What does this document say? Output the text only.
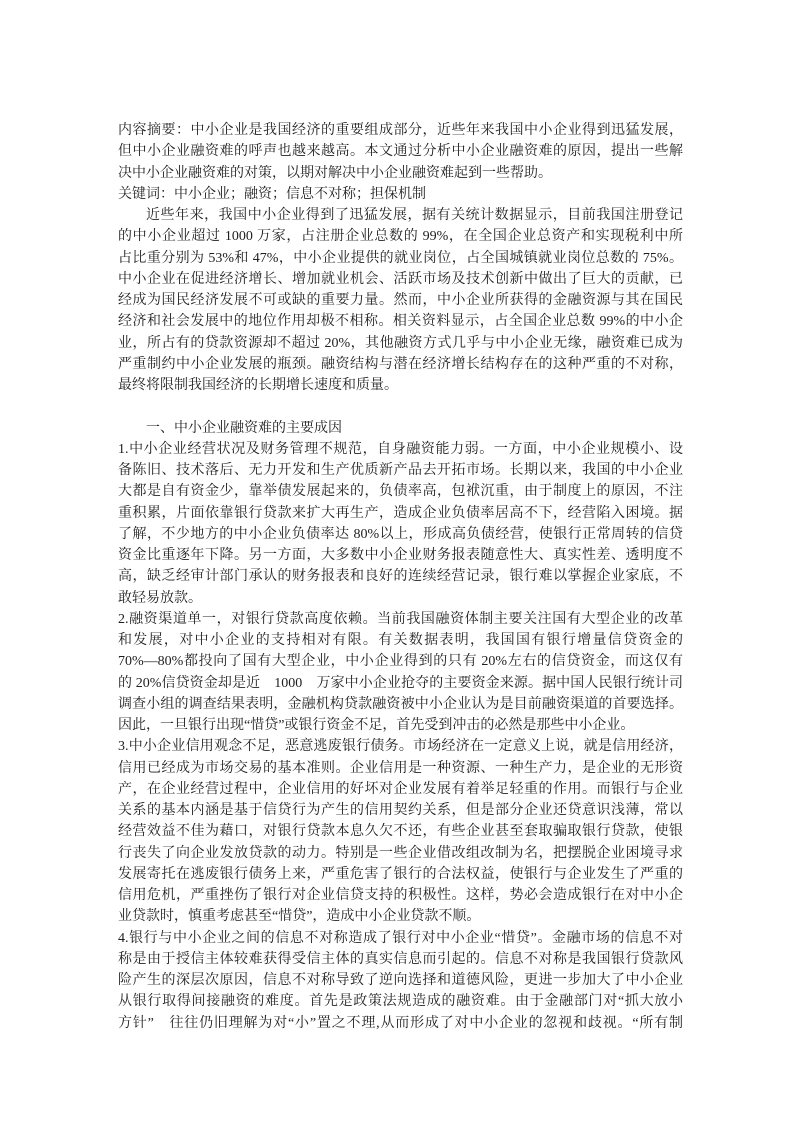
内容摘要：中小企业是我国经济的重要组成部分，近些年来我国中小企业得到迅猛发展，
但中小企业融资难的呼声也越来越高。本文通过分析中小企业融资难的原因，提出一些解
决中小企业融资难的对策，以期对解决中小企业融资难起到一些帮助。
关键词：中小企业；融资；信息不对称；担保机制
近些年来，我国中小企业得到了迅猛发展，据有关统计数据显示，目前我国注册登记
的中小企业超过 1000 万家，占注册企业总数的 99%，在全国企业总资产和实现税利中所
占比重分别为 53%和 47%，中小企业提供的就业岗位，占全国城镇就业岗位总数的 75%。
中小企业在促进经济增长、增加就业机会、活跃市场及技术创新中做出了巨大的贡献，已
经成为国民经济发展不可或缺的重要力量。然而，中小企业所获得的金融资源与其在国民
经济和社会发展中的地位作用却极不相称。相关资料显示，占全国企业总数 99%的中小企
业，所占有的贷款资源却不超过 20%，其他融资方式几乎与中小企业无缘，融资难已成为
严重制约中小企业发展的瓶颈。融资结构与潜在经济增长结构存在的这种严重的不对称，
最终将限制我国经济的长期增长速度和质量。
一、中小企业融资难的主要成因
1.中小企业经营状况及财务管理不规范，自身融资能力弱。一方面，中小企业规模小、设
备陈旧、技术落后、无力开发和生产优质新产品去开拓市场。长期以来，我国的中小企业
大都是自有资金少，靠举债发展起来的，负债率高，包袱沉重，由于制度上的原因，不注
重积累，片面依靠银行贷款来扩大再生产，造成企业负债率居高不下，经营陷入困境。据
了解，不少地方的中小企业负债率达 80%以上，形成高负债经营，使银行正常周转的信贷
资金比重逐年下降。另一方面，大多数中小企业财务报表随意性大、真实性差、透明度不
高，缺乏经审计部门承认的财务报表和良好的连续经营记录，银行难以掌握企业家底，不
敢轻易放款。
2.融资渠道单一，对银行贷款高度依赖。当前我国融资体制主要关注国有大型企业的改革
和发展，对中小企业的支持相对有限。有关数据表明，我国国有银行增量信贷资金的
70%—80%都投向了国有大型企业，中小企业得到的只有 20%左右的信贷资金，而这仅有
的 20%信贷资金却是近　1000　万家中小企业抢夺的主要资金来源。据中国人民银行统计司
调查小组的调查结果表明，金融机构贷款融资被中小企业认为是目前融资渠道的首要选择。
因此，一旦银行出现“惜贷”或银行资金不足，首先受到冲击的必然是那些中小企业。
3.中小企业信用观念不足，恶意逃废银行债务。市场经济在一定意义上说，就是信用经济，
信用已经成为市场交易的基本准则。企业信用是一种资源、一种生产力，是企业的无形资
产，在企业经营过程中，企业信用的好坏对企业发展有着举足轻重的作用。而银行与企业
关系的基本内涵是基于信贷行为产生的信用契约关系，但是部分企业还贷意识浅薄，常以
经营效益不佳为藉口，对银行贷款本息久欠不还，有些企业甚至套取骗取银行贷款，使银
行丧失了向企业发放贷款的动力。特别是一些企业借改组改制为名，把摆脱企业困境寻求
发展寄托在逃废银行债务上来，严重危害了银行的合法权益，使银行与企业发生了严重的
信用危机，严重挫伤了银行对企业信贷支持的积极性。这样，势必会造成银行在对中小企
业贷款时，慎重考虑甚至“惜贷”，造成中小企业贷款不顺。
4.银行与中小企业之间的信息不对称造成了银行对中小企业“惜贷”。金融市场的信息不对
称是由于授信主体较难获得受信主体的真实信息而引起的。信息不对称是我国银行贷款风
险产生的深层次原因，信息不对称导致了逆向选择和道德风险，更进一步加大了中小企业
从银行取得间接融资的难度。首先是政策法规造成的融资难。由于金融部门对“抓大放小
方针”　往往仍旧理解为对“小”置之不理,从而形成了对中小企业的忽视和歧视。“所有制
